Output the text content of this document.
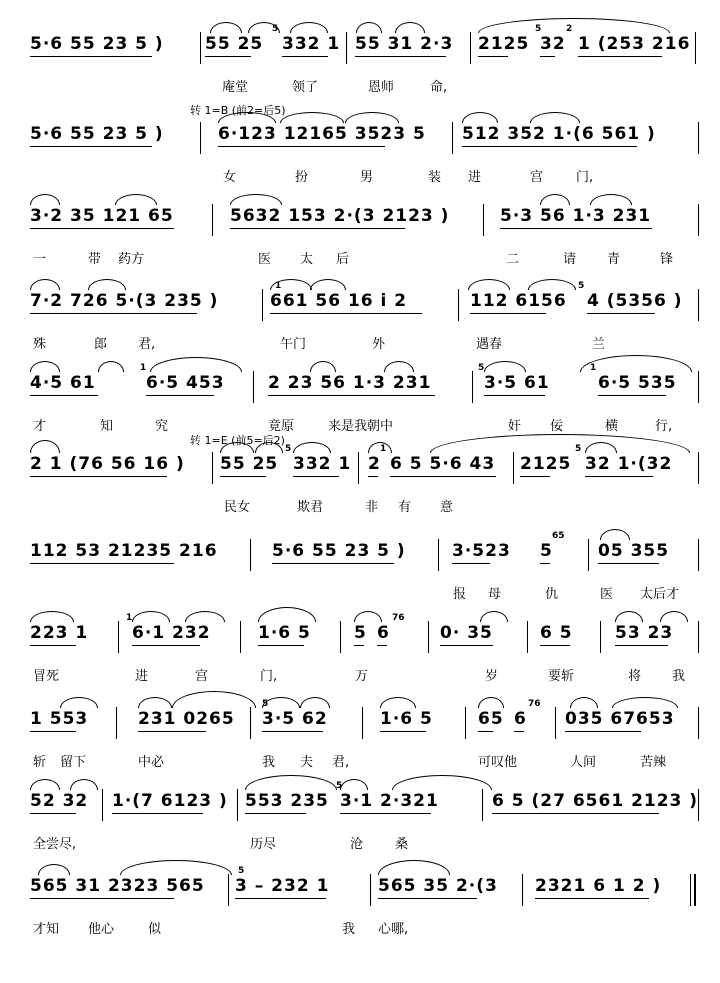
5·6 55 23 5 ) 55 25 332 1 55 31 2·3 2125 32 1 (253 216
5	5	2
庵堂	领了	恩师	命,
转 1=B (前2=后5)
5·6 55 23 5 )	6·123 12165 3523 5 512 352 1·(6 561 )
女	扮	男	装 进	宫	门,
3·2 35 121 65	5632 153 2·(3 2123 )	5·3 56 1·3 231
一	带 药方	医 太 后	二	请 青	锋
7·2 726 5·(3 235 )	661 56 16 i 2	112 6156 4 (5356 )
1	5
殊	郎 君,	午门	外	遇春	兰
4·5 61	6·5 453	2 23 56 1·3 231	3·5 61	6·5 535
1	5	1
才	知	究	竟原	来是我朝中	奸 佞	横	行,
转 1=E (前5=后2)
2 1 (76 56 16 ) 55 25 332 1 2 6 5 5·6 43 2125 32 1·(32
5	1	5
民女	欺君	非 有 意
112 53 21235 216	5·6 55 23 5 )	3·523 5	05 355
65
报 母	仇	医 太后才
223 1	6·1 232	1·6 5	5 6	0· 35	6 5 53 23
1	76
冒死	进	宫	门,	万	岁	要斩	将 我
1 553	231 0265 3·5 62	1·6 5	65 6 035 67653
5	76
斩 留下	中必	我 夫 君,	可叹他	人间	苦辣
52 32 1·(7 6123 ) 553 235 3·1 2·321	6 5 (27 6561 2123 )
5
全尝尽,	历尽	沧 桑
565 31 2323 565 3 – 232 1	565 35 2·(3 2321 6 1 2 )
5
才知 他心	似	我 心哪,
